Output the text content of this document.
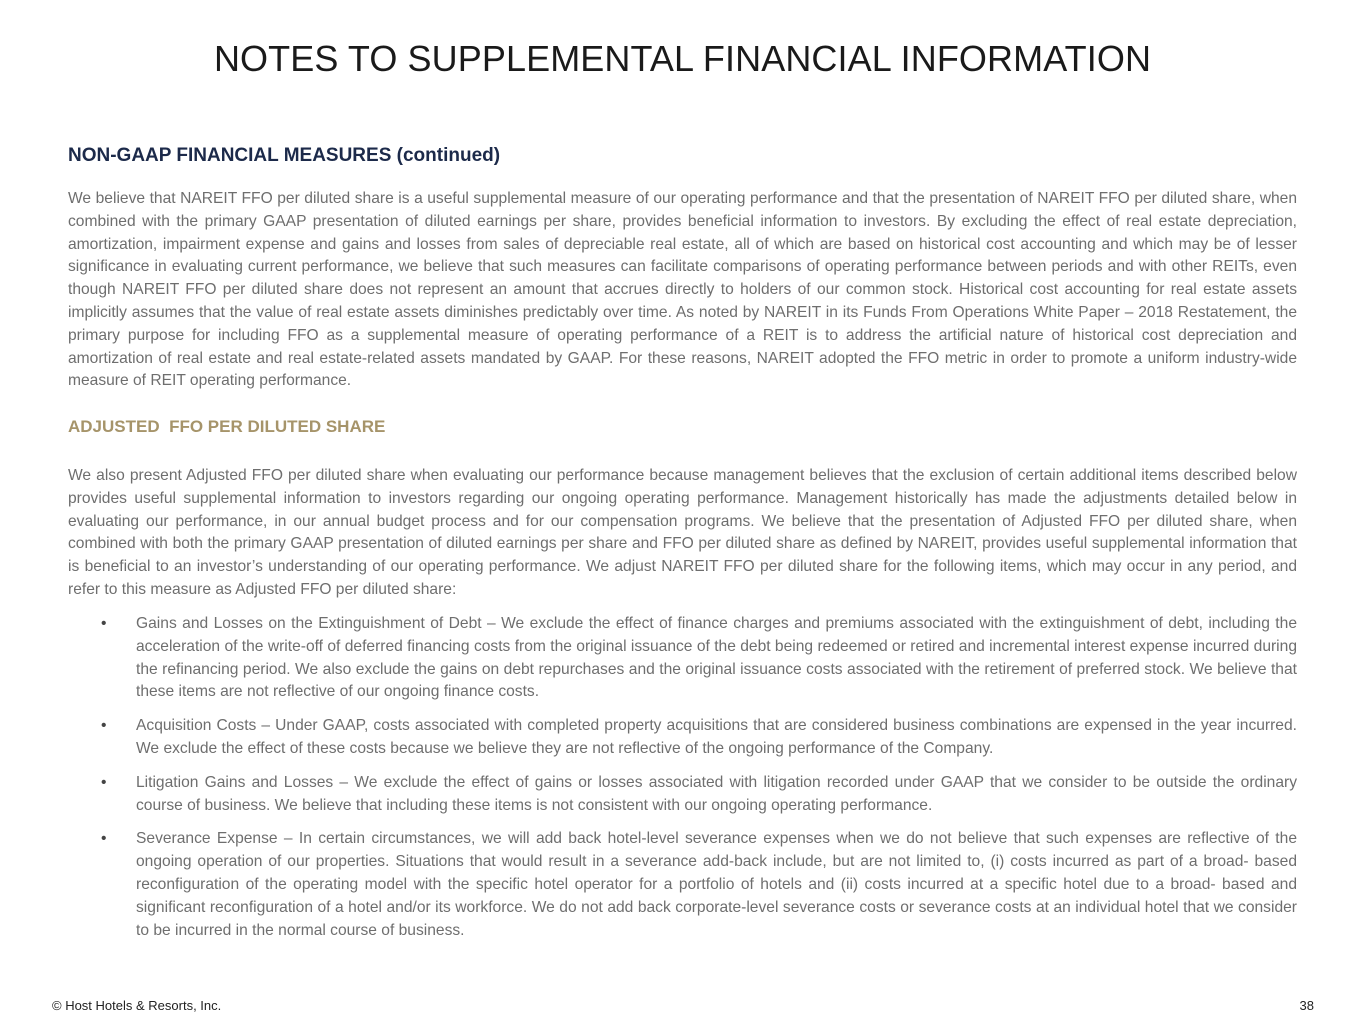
NOTES TO SUPPLEMENTAL FINANCIAL INFORMATION
NON-GAAP FINANCIAL MEASURES (continued)

We believe that NAREIT FFO per diluted share is a useful supplemental measure of our operating performance and that the presentation of NAREIT FFO per diluted share, when combined with the primary GAAP presentation of diluted earnings per share, provides beneficial information to investors. By excluding the effect of real estate depreciation, amortization, impairment expense and gains and losses from sales of depreciable real estate, all of which are based on historical cost accounting and which may be of lesser significance in evaluating current performance, we believe that such measures can facilitate comparisons of operating performance between periods and with other REITs, even though NAREIT FFO per diluted share does not represent an amount that accrues directly to holders of our common stock. Historical cost accounting for real estate assets implicitly assumes that the value of real estate assets diminishes predictably over time. As noted by NAREIT in its Funds From Operations White Paper – 2018 Restatement, the primary purpose for including FFO as a supplemental measure of operating performance of a REIT is to address the artificial nature of historical cost depreciation and amortization of real estate and real estate-related assets mandated by GAAP. For these reasons, NAREIT adopted the FFO metric in order to promote a uniform industry-wide measure of REIT operating performance.

ADJUSTED  FFO PER DILUTED SHARE

We also present Adjusted FFO per diluted share when evaluating our performance because management believes that the exclusion of certain additional items described below provides useful supplemental information to investors regarding our ongoing operating performance. Management historically has made the adjustments detailed below in evaluating our performance, in our annual budget process and for our compensation programs. We believe that the presentation of Adjusted FFO per diluted share, when combined with both the primary GAAP presentation of diluted earnings per share and FFO per diluted share as defined by NAREIT, provides useful supplemental information that is beneficial to an investor’s understanding of our operating performance. We adjust NAREIT FFO per diluted share for the following items, which may occur in any period, and refer to this measure as Adjusted FFO per diluted share:

• Gains and Losses on the Extinguishment of Debt – We exclude the effect of finance charges and premiums associated with the extinguishment of debt, including the acceleration of the write-off of deferred financing costs from the original issuance of the debt being redeemed or retired and incremental interest expense incurred during the refinancing period. We also exclude the gains on debt repurchases and the original issuance costs associated with the retirement of preferred stock. We believe that these items are not reflective of our ongoing finance costs.
• Acquisition Costs – Under GAAP, costs associated with completed property acquisitions that are considered business combinations are expensed in the year incurred. We exclude the effect of these costs because we believe they are not reflective of the ongoing performance of the Company.
• Litigation Gains and Losses – We exclude the effect of gains or losses associated with litigation recorded under GAAP that we consider to be outside the ordinary course of business. We believe that including these items is not consistent with our ongoing operating performance.
• Severance Expense – In certain circumstances, we will add back hotel-level severance expenses when we do not believe that such expenses are reflective of the ongoing operation of our properties. Situations that would result in a severance add-back include, but are not limited to, (i) costs incurred as part of a broad- based reconfiguration of the operating model with the specific hotel operator for a portfolio of hotels and (ii) costs incurred at a specific hotel due to a broad- based and significant reconfiguration of a hotel and/or its workforce. We do not add back corporate-level severance costs or severance costs at an individual hotel that we consider to be incurred in the normal course of business.
© Host Hotels & Resorts, Inc.	38
